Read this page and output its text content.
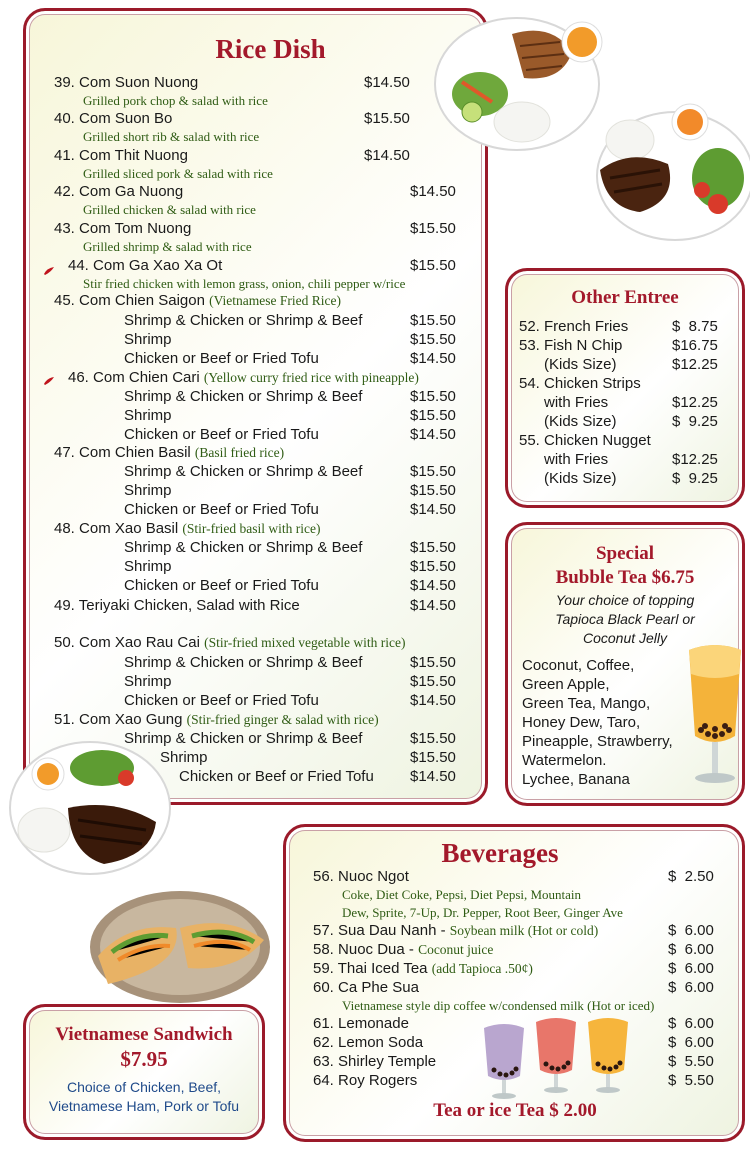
Rice Dish
39. Com Suon Nuong	$14.50
Grilled pork chop & salad with rice
40. Com Suon Bo	$15.50
Grilled short rib & salad with rice
41. Com Thit Nuong	$14.50
Grilled sliced pork & salad with rice
42. Com Ga Nuong	$14.50
Grilled chicken & salad with rice
43. Com Tom Nuong	$15.50
Grilled shrimp & salad with rice
44. Com Ga Xao Xa Ot	$15.50
Stir fried chicken with lemon grass, onion, chili pepper w/rice
45. Com Chien Saigon (Vietnamese Fried Rice)
Shrimp & Chicken or Shrimp & Beef	$15.50
Shrimp	$15.50
Chicken or Beef or Fried Tofu	$14.50
46. Com Chien Cari (Yellow curry fried rice with pineapple)
Shrimp & Chicken or Shrimp & Beef	$15.50
Shrimp	$15.50
Chicken or Beef or Fried Tofu	$14.50
47. Com Chien Basil (Basil fried rice)
Shrimp & Chicken or Shrimp & Beef	$15.50
Shrimp	$15.50
Chicken or Beef or Fried Tofu	$14.50
48. Com Xao Basil (Stir-fried basil with rice)
Shrimp & Chicken or Shrimp & Beef	$15.50
Shrimp	$15.50
Chicken or Beef or Fried Tofu	$14.50
49. Teriyaki Chicken, Salad with Rice	$14.50
50. Com Xao Rau Cai (Stir-fried mixed vegetable with rice)
Shrimp & Chicken or Shrimp & Beef	$15.50
Shrimp	$15.50
Chicken or Beef or Fried Tofu	$14.50
51. Com Xao Gung (Stir-fried ginger & salad with rice)
Shrimp & Chicken or Shrimp & Beef	$15.50
Shrimp	$15.50
Chicken or Beef or Fried Tofu $14.50
Other Entree
52. French Fries	$  8.75
53. Fish N Chip	$16.75
(Kids Size)	$12.25
54. Chicken Strips
with Fries	$12.25
(Kids Size)	$  9.25
55. Chicken Nugget
with Fries	$12.25
(Kids Size)	$  9.25
Special
Bubble Tea $6.75
Your choice of topping
Tapioca Black Pearl or
Coconut Jelly
Coconut, Coffee,
Green Apple,
Green Tea, Mango,
Honey Dew, Taro,
Pineapple, Strawberry,
Watermelon.
Lychee, Banana
Beverages
56. Nuoc Ngot	$  2.50
Coke, Diet Coke, Pepsi, Diet Pepsi, Mountain
Dew, Sprite, 7-Up, Dr. Pepper, Root Beer, Ginger Ave
57. Sua Dau Nanh - Soybean milk (Hot or cold)	$  6.00
58. Nuoc Dua - Coconut juice	$  6.00
59. Thai Iced Tea (add Tapioca .50¢)	$  6.00
60. Ca Phe Sua	$  6.00
Vietnamese style dip coffee w/condensed milk (Hot or iced)
61. Lemonade	$  6.00
62. Lemon Soda	$  6.00
63. Shirley Temple	$  5.50
64. Roy Rogers	$  5.50
Tea or ice Tea $ 2.00
Vietnamese Sandwich
$7.95
Choice of Chicken, Beef,
Vietnamese Ham, Pork or Tofu
